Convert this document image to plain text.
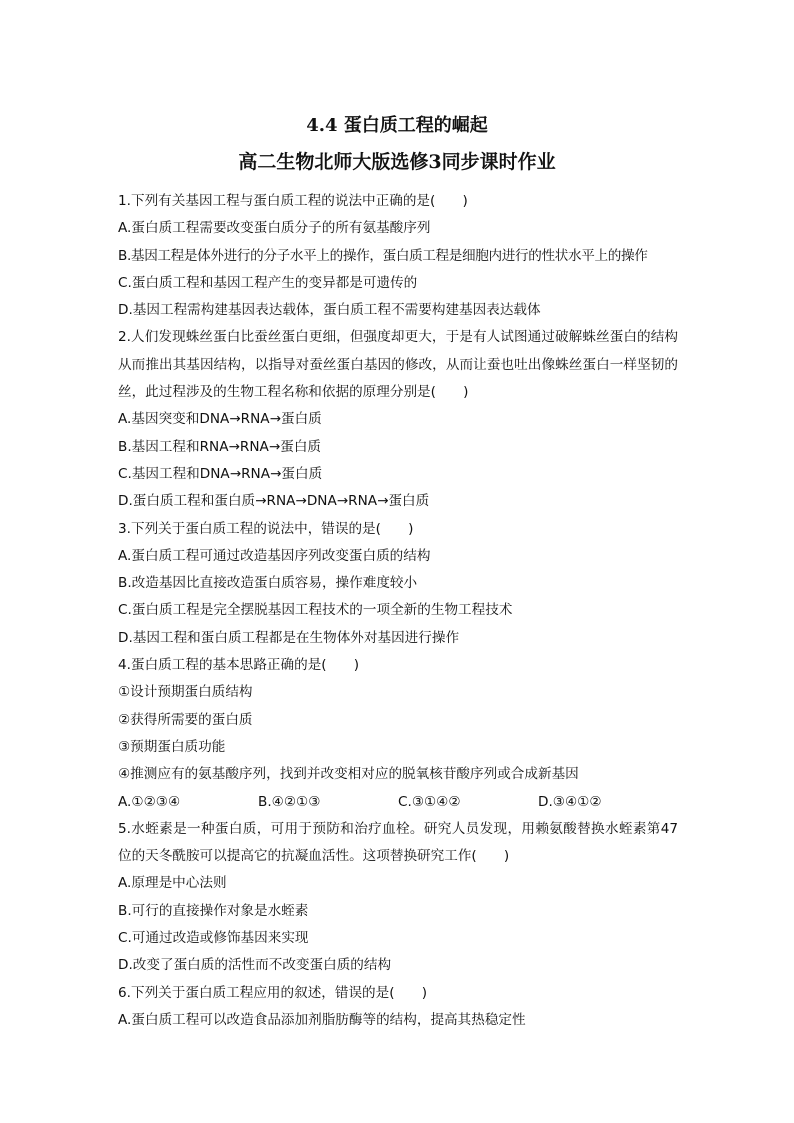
4.4 蛋白质工程的崛起
高二生物北师大版选修3同步课时作业
1.下列有关基因工程与蛋白质工程的说法中正确的是(　　)
A.蛋白质工程需要改变蛋白质分子的所有氨基酸序列
B.基因工程是体外进行的分子水平上的操作，蛋白质工程是细胞内进行的性状水平上的操作
C.蛋白质工程和基因工程产生的变异都是可遗传的
D.基因工程需构建基因表达载体，蛋白质工程不需要构建基因表达载体
2.人们发现蛛丝蛋白比蚕丝蛋白更细，但强度却更大，于是有人试图通过破解蛛丝蛋白的结构从而推出其基因结构，以指导对蚕丝蛋白基因的修改，从而让蚕也吐出像蛛丝蛋白一样坚韧的丝，此过程涉及的生物工程名称和依据的原理分别是(　　)
A.基因突变和DNA→RNA→蛋白质
B.基因工程和RNA→RNA→蛋白质
C.基因工程和DNA→RNA→蛋白质
D.蛋白质工程和蛋白质→RNA→DNA→RNA→蛋白质
3.下列关于蛋白质工程的说法中，错误的是(　　)
A.蛋白质工程可通过改造基因序列改变蛋白质的结构
B.改造基因比直接改造蛋白质容易，操作难度较小
C.蛋白质工程是完全摆脱基因工程技术的一项全新的生物工程技术
D.基因工程和蛋白质工程都是在生物体外对基因进行操作
4.蛋白质工程的基本思路正确的是(　　)
①设计预期蛋白质结构
②获得所需要的蛋白质
③预期蛋白质功能
④推测应有的氨基酸序列，找到并改变相对应的脱氧核苷酸序列或合成新基因
A.①②③④	B.④②①③	C.③①④②	D.③④①②
5.水蛭素是一种蛋白质，可用于预防和治疗血栓。研究人员发现，用赖氨酸替换水蛭素第47位的天冬酰胺可以提高它的抗凝血活性。这项替换研究工作(　　)
A.原理是中心法则
B.可行的直接操作对象是水蛭素
C.可通过改造或修饰基因来实现
D.改变了蛋白质的活性而不改变蛋白质的结构
6.下列关于蛋白质工程应用的叙述，错误的是(　　)
A.蛋白质工程可以改造食品添加剂脂肪酶等的结构，提高其热稳定性
